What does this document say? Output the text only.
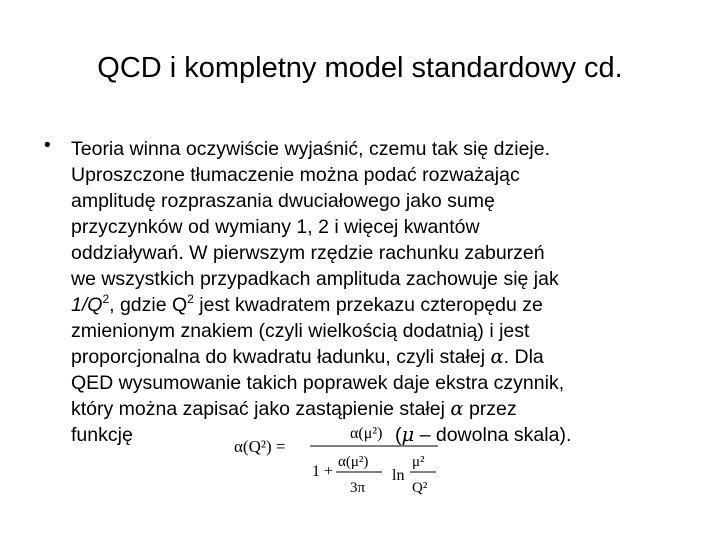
QCD i kompletny model standardowy cd.
• Teoria winna oczywiście wyjaśnić, czemu tak się dzieje.
Uproszczone tłumaczenie można podać rozważając
amplitudę rozpraszania dwuciałowego jako sumę
przyczynków od wymiany 1, 2 i więcej kwantów
oddziaływań. W pierwszym rzędzie rachunku zaburzeń
we wszystkich przypadkach amplituda zachowuje się jak
$1/Q^2$, gdzie $Q^2$ jest kwadratem przekazu czteropędu ze
zmienionym znakiem (czyli wielkością dodatnią) i jest
proporcjonalna do kwadratu ładunku, czyli stałej α. Dla
QED wysumowanie takich poprawek daje ekstra czynnik,
który można zapisać jako zastąpienie stałej α przez
funkcję	(μ – dowolna skala).
α(Q²) =
α(μ²)
1 +
α(μ²)
3π
ln
μ²
Q²
